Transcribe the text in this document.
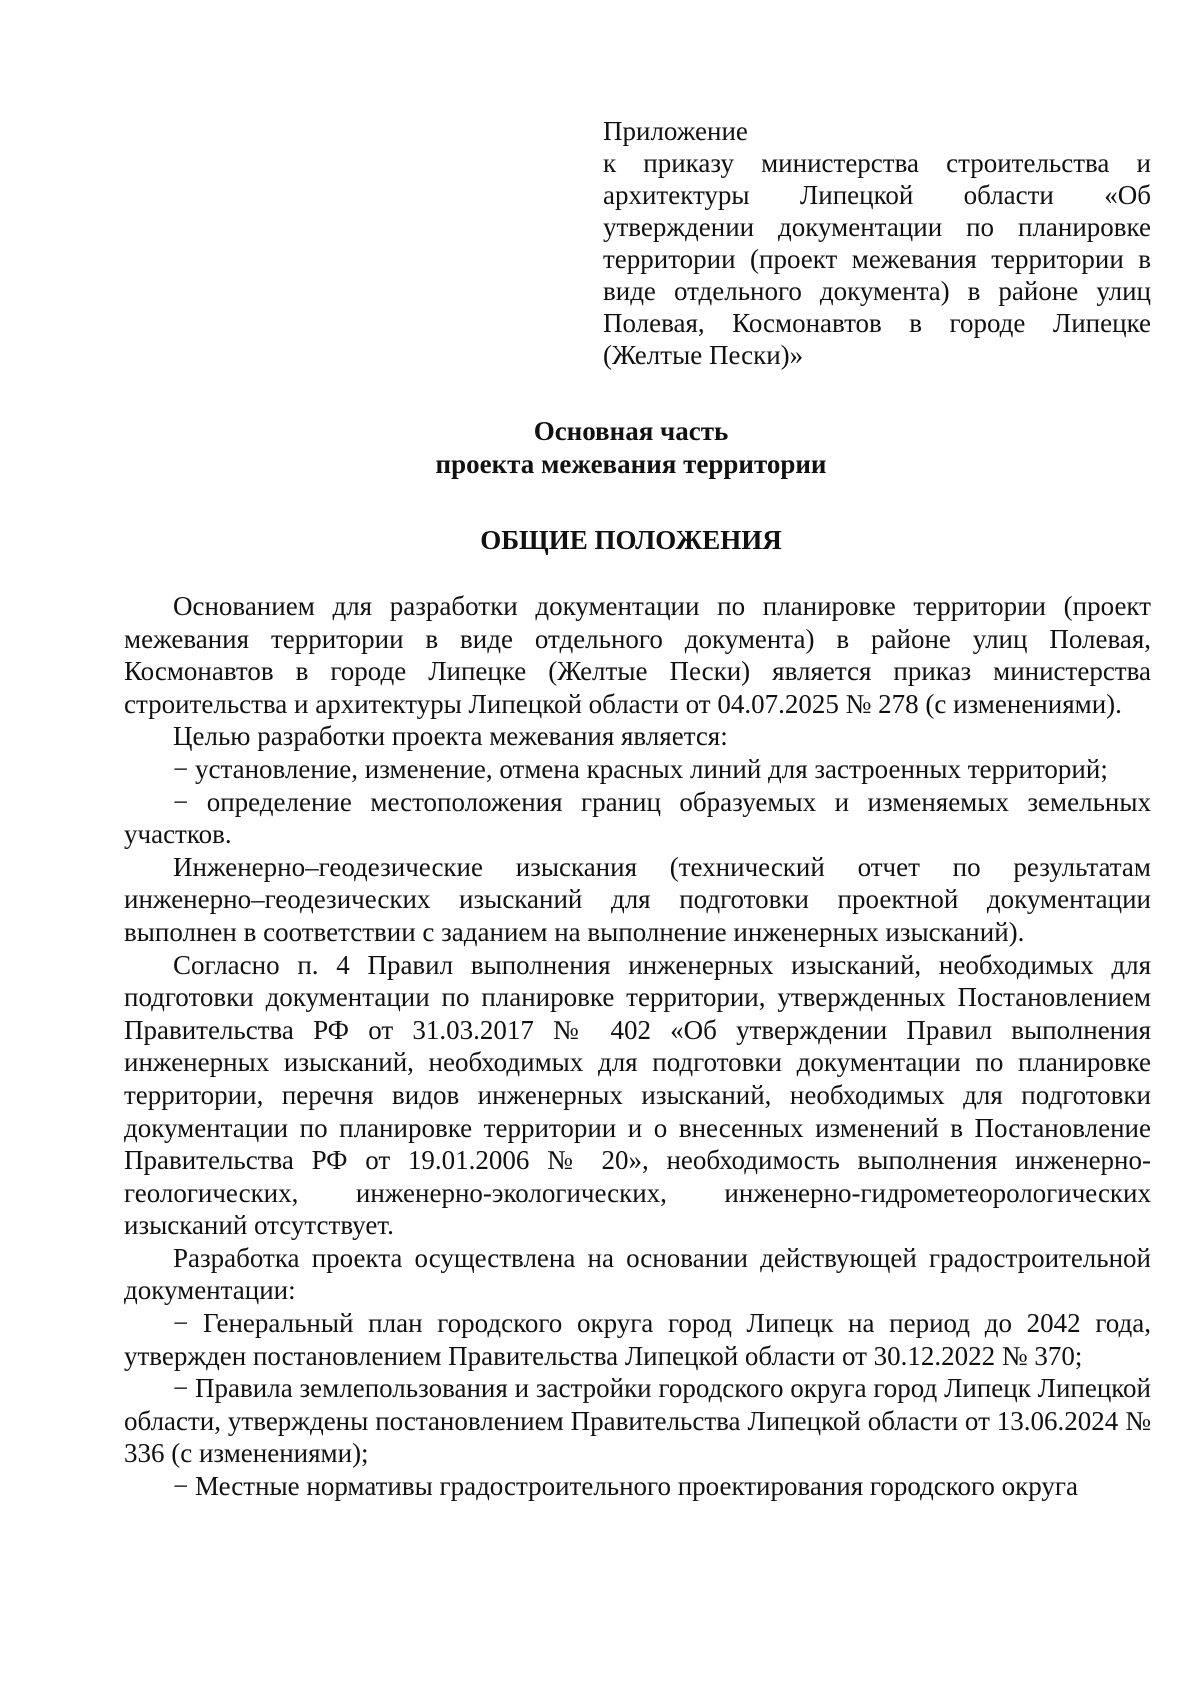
Приложение
к приказу министерства строительства и архитектуры Липецкой области «Об утверждении документации по планировке территории (проект межевания территории в виде отдельного документа) в районе улиц Полевая, Космонавтов в городе Липецке (Желтые Пески)»
Основная часть
проекта межевания территории
ОБЩИЕ ПОЛОЖЕНИЯ

Основанием для разработки документации по планировке территории (проект межевания территории в виде отдельного документа) в районе улиц Полевая, Космонавтов в городе Липецке (Желтые Пески) является приказ министерства строительства и архитектуры Липецкой области от 04.07.2025 № 278 (с изменениями).

Целью разработки проекта межевания является:

− установление, изменение, отмена красных линий для застроенных территорий;

− определение местоположения границ образуемых и изменяемых земельных участков.

Инженерно–геодезические изыскания (технический отчет по результатам инженерно–геодезических изысканий для подготовки проектной документации выполнен в соответствии с заданием на выполнение инженерных изысканий).

Согласно п. 4 Правил выполнения инженерных изысканий, необходимых для подготовки документации по планировке территории, утвержденных Постановлением Правительства РФ от 31.03.2017 № 402 «Об утверждении Правил выполнения инженерных изысканий, необходимых для подготовки документации по планировке территории, перечня видов инженерных изысканий, необходимых для подготовки документации по планировке территории и о внесенных изменений в Постановление Правительства РФ от 19.01.2006 № 20», необходимость выполнения инженерно-геологических, инженерно-экологических, инженерно-гидрометеорологических изысканий отсутствует.

Разработка проекта осуществлена на основании действующей градостроительной документации:

− Генеральный план городского округа город Липецк на период до 2042 года, утвержден постановлением Правительства Липецкой области от 30.12.2022 № 370;

− Правила землепользования и застройки городского округа город Липецк Липецкой области, утверждены постановлением Правительства Липецкой области от 13.06.2024 № 336 (с изменениями);

− Местные нормативы градостроительного проектирования городского округа
